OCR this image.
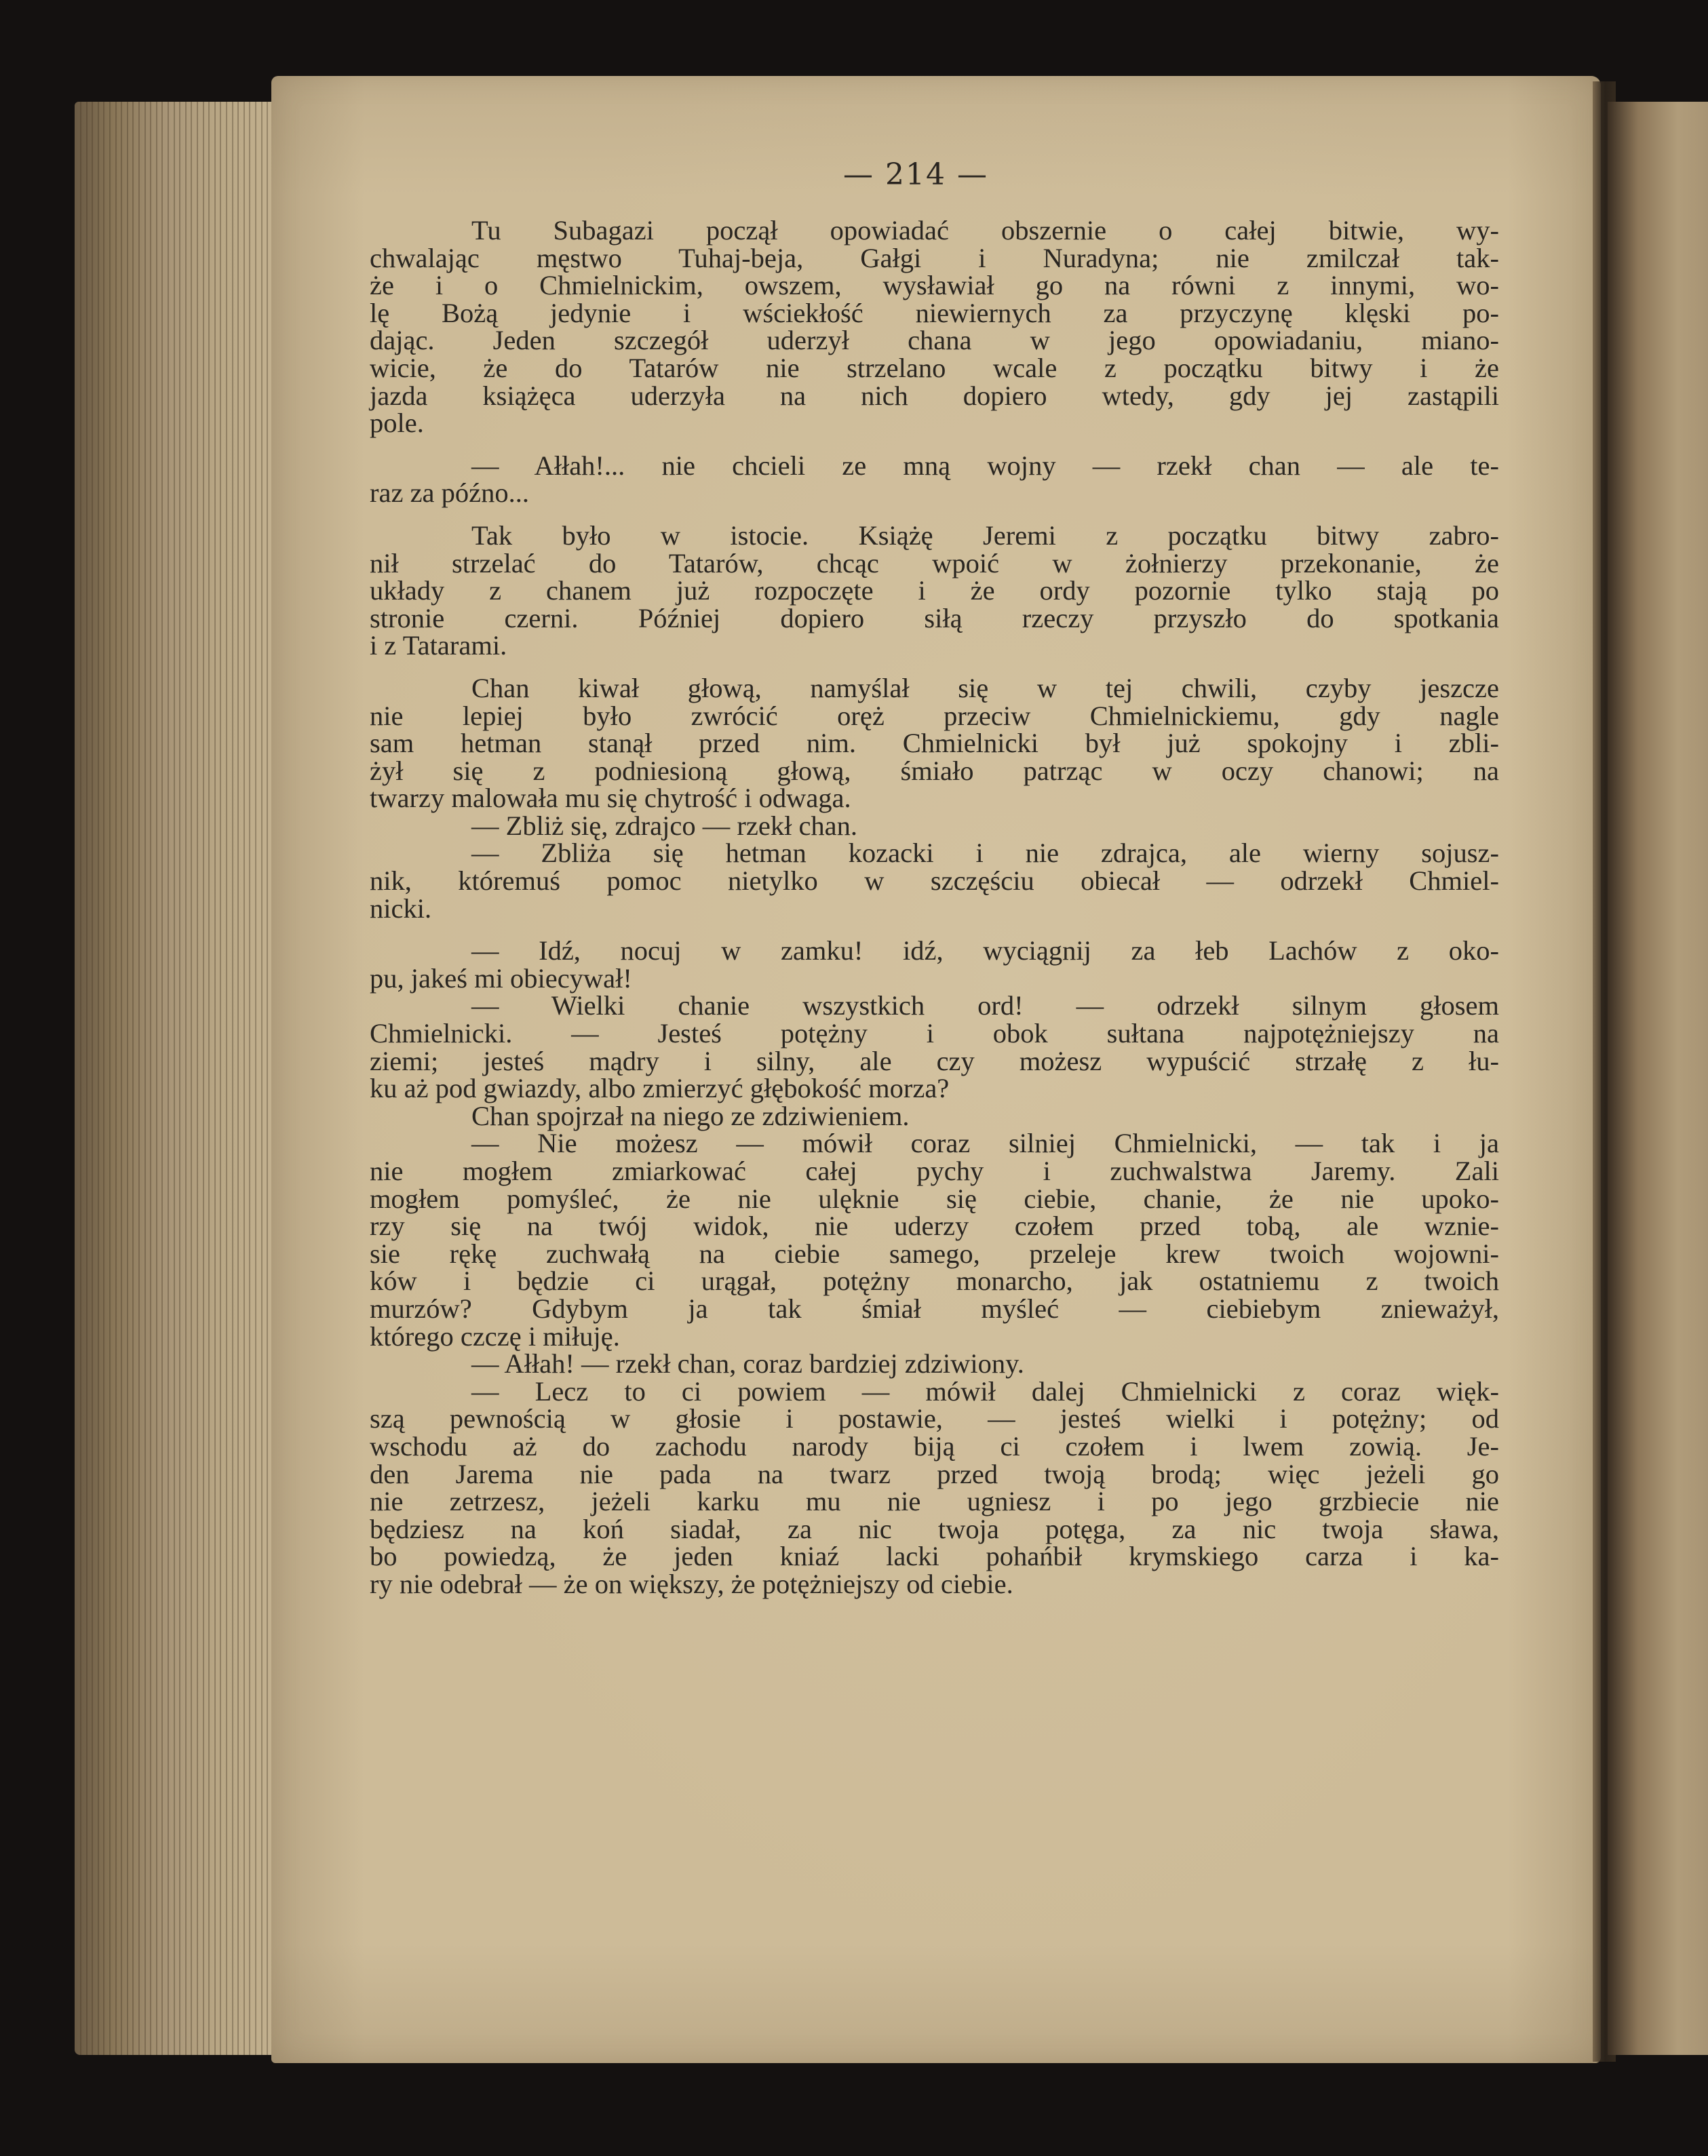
— 214 —
Tu Subagazi począł opowiadać obszernie o całej bitwie, wy-
chwalając męstwo Tuhaj-beja, Gałgi i Nuradyna; nie zmilczał tak-
że i o Chmielnickim, owszem, wysławiał go na równi z innymi, wo-
lę Bożą jedynie i wściekłość niewiernych za przyczynę klęski po-
dając. Jeden szczegół uderzył chana w jego opowiadaniu, miano-
wicie, że do Tatarów nie strzelano wcale z początku bitwy i że
jazda książęca uderzyła na nich dopiero wtedy, gdy jej zastąpili
pole.
— Ałłah!... nie chcieli ze mną wojny — rzekł chan — ale te-
raz za późno...
Tak było w istocie. Książę Jeremi z początku bitwy zabro-
nił strzelać do Tatarów, chcąc wpoić w żołnierzy przekonanie, że
układy z chanem już rozpoczęte i że ordy pozornie tylko stają po
stronie czerni. Później dopiero siłą rzeczy przyszło do spotkania
i z Tatarami.
Chan kiwał głową, namyślał się w tej chwili, czyby jeszcze
nie lepiej było zwrócić oręż przeciw Chmielnickiemu, gdy nagle
sam hetman stanął przed nim. Chmielnicki był już spokojny i zbli-
żył się z podniesioną głową, śmiało patrząc w oczy chanowi; na
twarzy malowała mu się chytrość i odwaga.
— Zbliż się, zdrajco — rzekł chan.
— Zbliża się hetman kozacki i nie zdrajca, ale wierny sojusz-
nik, któremuś pomoc nietylko w szczęściu obiecał — odrzekł Chmiel-
nicki.
— Idź, nocuj w zamku! idź, wyciągnij za łeb Lachów z oko-
pu, jakeś mi obiecywał!
— Wielki chanie wszystkich ord! — odrzekł silnym głosem
Chmielnicki. — Jesteś potężny i obok sułtana najpotężniejszy na
ziemi; jesteś mądry i silny, ale czy możesz wypuścić strzałę z łu-
ku aż pod gwiazdy, albo zmierzyć głębokość morza?
Chan spojrzał na niego ze zdziwieniem.
— Nie możesz — mówił coraz silniej Chmielnicki, — tak i ja
nie mogłem zmiarkować całej pychy i zuchwalstwa Jaremy. Zali
mogłem pomyśleć, że nie ulęknie się ciebie, chanie, że nie upoko-
rzy się na twój widok, nie uderzy czołem przed tobą, ale wznie-
sie rękę zuchwałą na ciebie samego, przeleje krew twoich wojowni-
ków i będzie ci urągał, potężny monarcho, jak ostatniemu z twoich
murzów? Gdybym ja tak śmiał myśleć — ciebiebym znieważył,
którego czczę i miłuję.
— Ałłah! — rzekł chan, coraz bardziej zdziwiony.
— Lecz to ci powiem — mówił dalej Chmielnicki z coraz więk-
szą pewnością w głosie i postawie, — jesteś wielki i potężny; od
wschodu aż do zachodu narody biją ci czołem i lwem zowią. Je-
den Jarema nie pada na twarz przed twoją brodą; więc jeżeli go
nie zetrzesz, jeżeli karku mu nie ugniesz i po jego grzbiecie nie
będziesz na koń siadał, za nic twoja potęga, za nic twoja sława,
bo powiedzą, że jeden kniaź lacki pohańbił krymskiego carza i ka-
ry nie odebrał — że on większy, że potężniejszy od ciebie.
